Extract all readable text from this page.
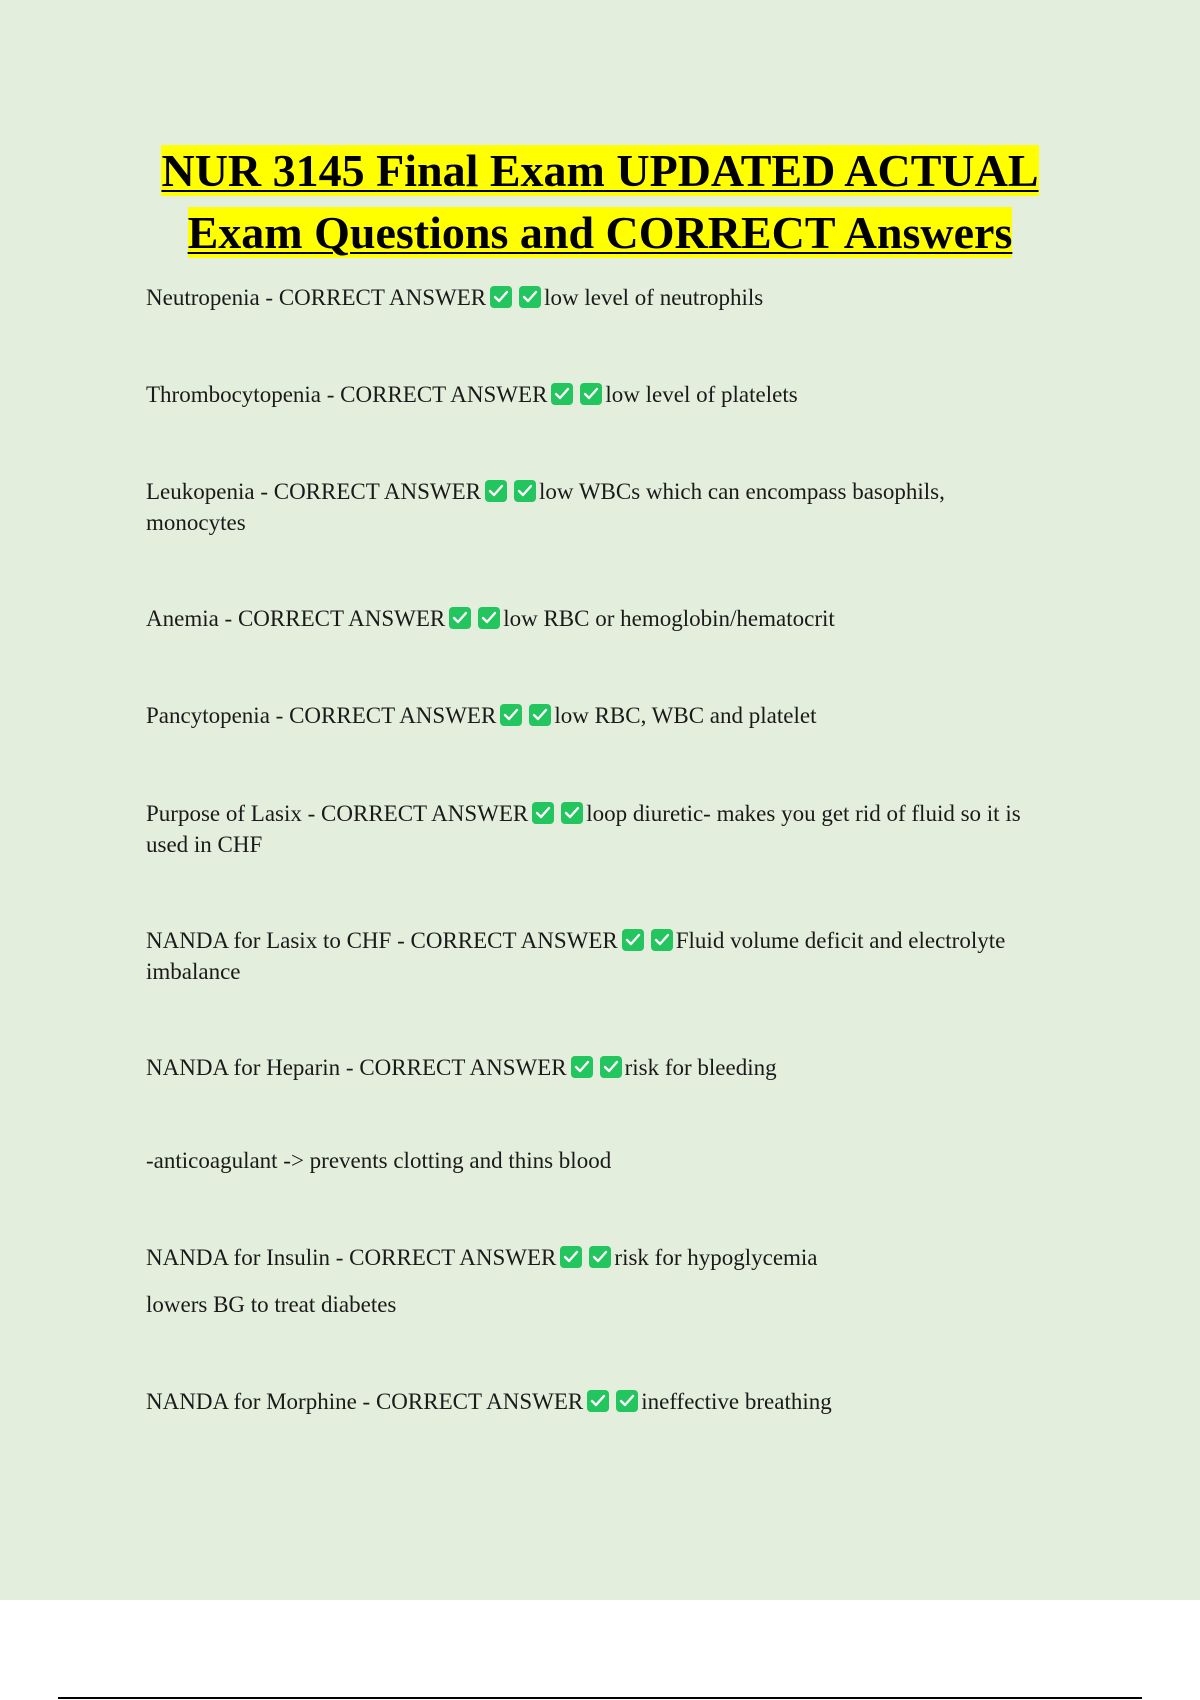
NUR 3145 Final Exam UPDATED ACTUAL
Exam Questions and CORRECT Answers
Neutropenia - CORRECT ANSWER	low level of neutrophils
Thrombocytopenia - CORRECT ANSWER	low level of platelets
Leukopenia - CORRECT ANSWER	low WBCs which can encompass basophils,
monocytes
Anemia - CORRECT ANSWER	low RBC or hemoglobin/hematocrit
Pancytopenia - CORRECT ANSWER	low RBC, WBC and platelet
Purpose of Lasix - CORRECT ANSWER	loop diuretic- makes you get rid of fluid so it is
used in CHF
NANDA for Lasix to CHF - CORRECT ANSWER	Fluid volume deficit and electrolyte
imbalance
NANDA for Heparin - CORRECT ANSWER	risk for bleeding
-anticoagulant -> prevents clotting and thins blood
NANDA for Insulin - CORRECT ANSWER	risk for hypoglycemia
lowers BG to treat diabetes
NANDA for Morphine - CORRECT ANSWER	ineffective breathing
